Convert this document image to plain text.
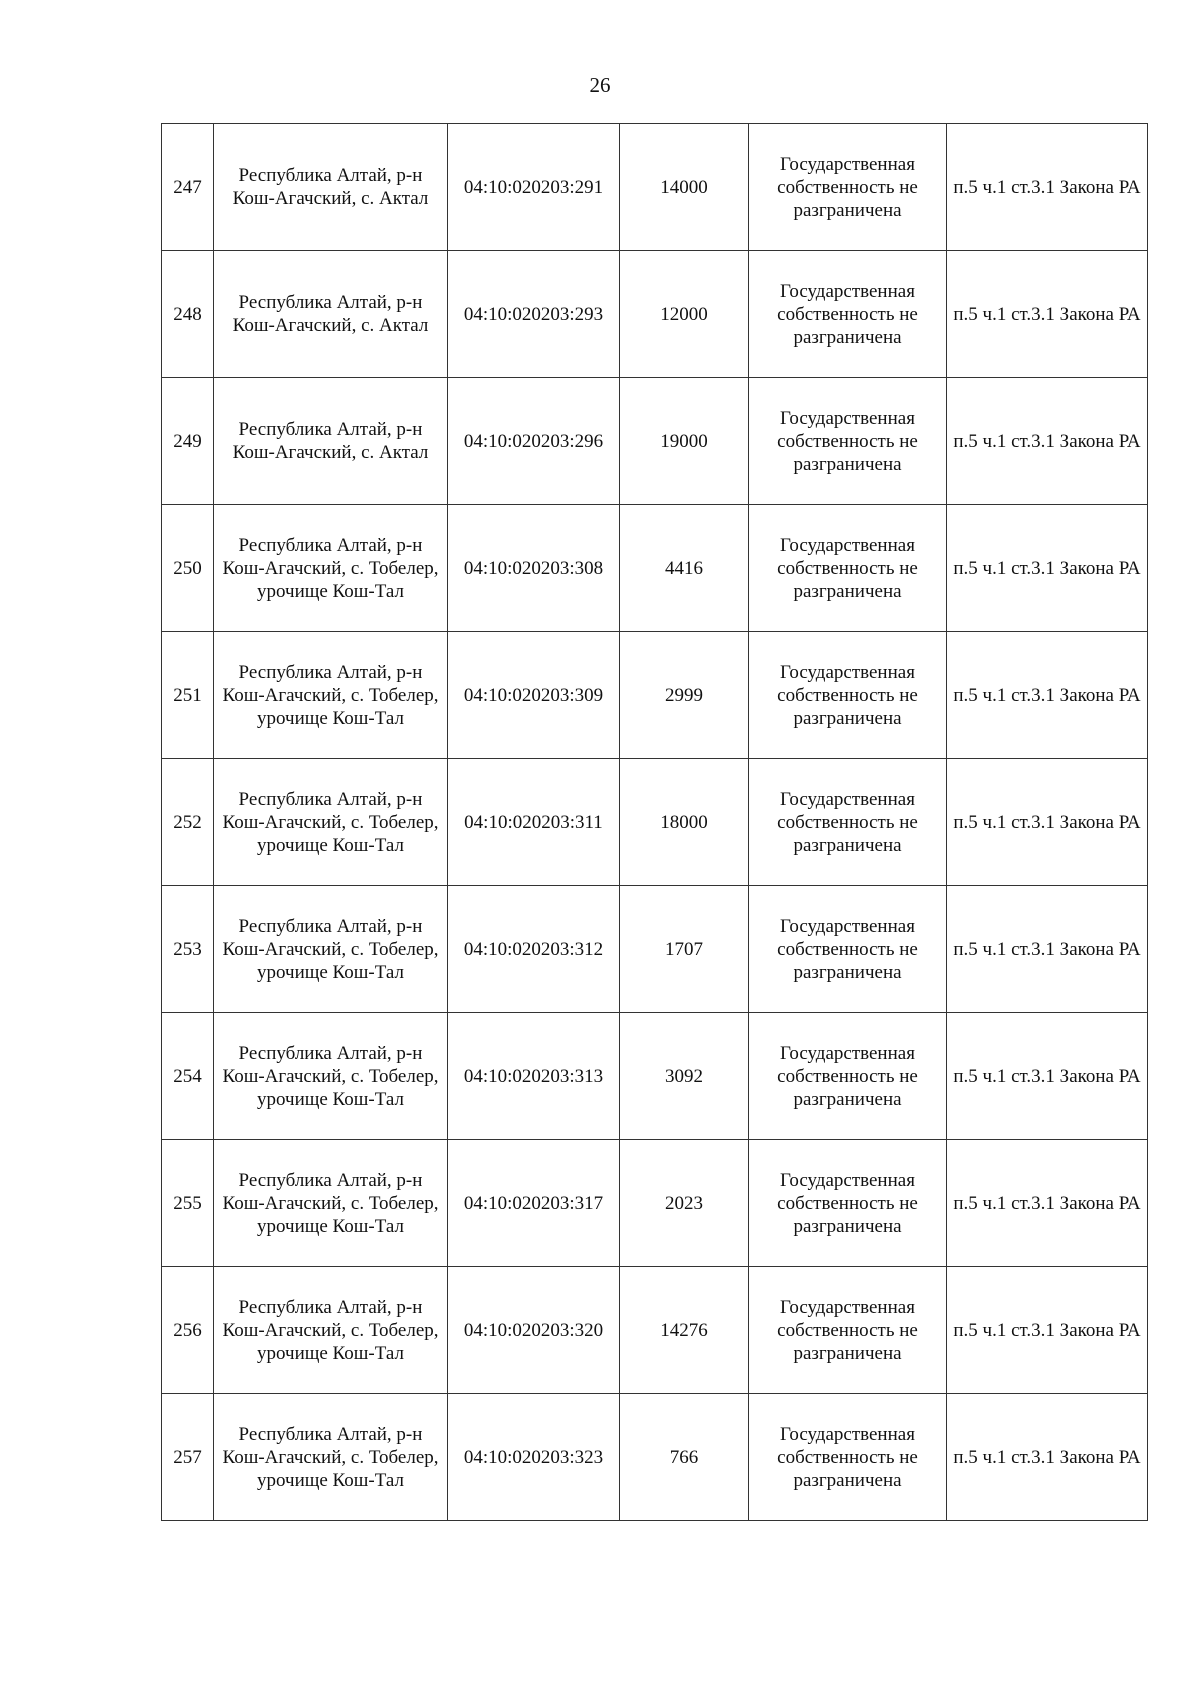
26
247	Республика Алтай, р-н Кош-Агачский, с. Актал	04:10:020203:291	14000	Государственная собственность не разграничена	п.5 ч.1 ст.3.1 Закона РА
248	Республика Алтай, р-н Кош-Агачский, с. Актал	04:10:020203:293	12000	Государственная собственность не разграничена	п.5 ч.1 ст.3.1 Закона РА
249	Республика Алтай, р-н Кош-Агачский, с. Актал	04:10:020203:296	19000	Государственная собственность не разграничена	п.5 ч.1 ст.3.1 Закона РА
250	Республика Алтай, р-н Кош-Агачский, с. Тобелер, урочище Кош-Тал	04:10:020203:308	4416	Государственная собственность не разграничена	п.5 ч.1 ст.3.1 Закона РА
251	Республика Алтай, р-н Кош-Агачский, с. Тобелер, урочище Кош-Тал	04:10:020203:309	2999	Государственная собственность не разграничена	п.5 ч.1 ст.3.1 Закона РА
252	Республика Алтай, р-н Кош-Агачский, с. Тобелер, урочище Кош-Тал	04:10:020203:311	18000	Государственная собственность не разграничена	п.5 ч.1 ст.3.1 Закона РА
253	Республика Алтай, р-н Кош-Агачский, с. Тобелер, урочище Кош-Тал	04:10:020203:312	1707	Государственная собственность не разграничена	п.5 ч.1 ст.3.1 Закона РА
254	Республика Алтай, р-н Кош-Агачский, с. Тобелер, урочище Кош-Тал	04:10:020203:313	3092	Государственная собственность не разграничена	п.5 ч.1 ст.3.1 Закона РА
255	Республика Алтай, р-н Кош-Агачский, с. Тобелер, урочище Кош-Тал	04:10:020203:317	2023	Государственная собственность не разграничена	п.5 ч.1 ст.3.1 Закона РА
256	Республика Алтай, р-н Кош-Агачский, с. Тобелер, урочище Кош-Тал	04:10:020203:320	14276	Государственная собственность не разграничена	п.5 ч.1 ст.3.1 Закона РА
257	Республика Алтай, р-н Кош-Агачский, с. Тобелер, урочище Кош-Тал	04:10:020203:323	766	Государственная собственность не разграничена	п.5 ч.1 ст.3.1 Закона РА
